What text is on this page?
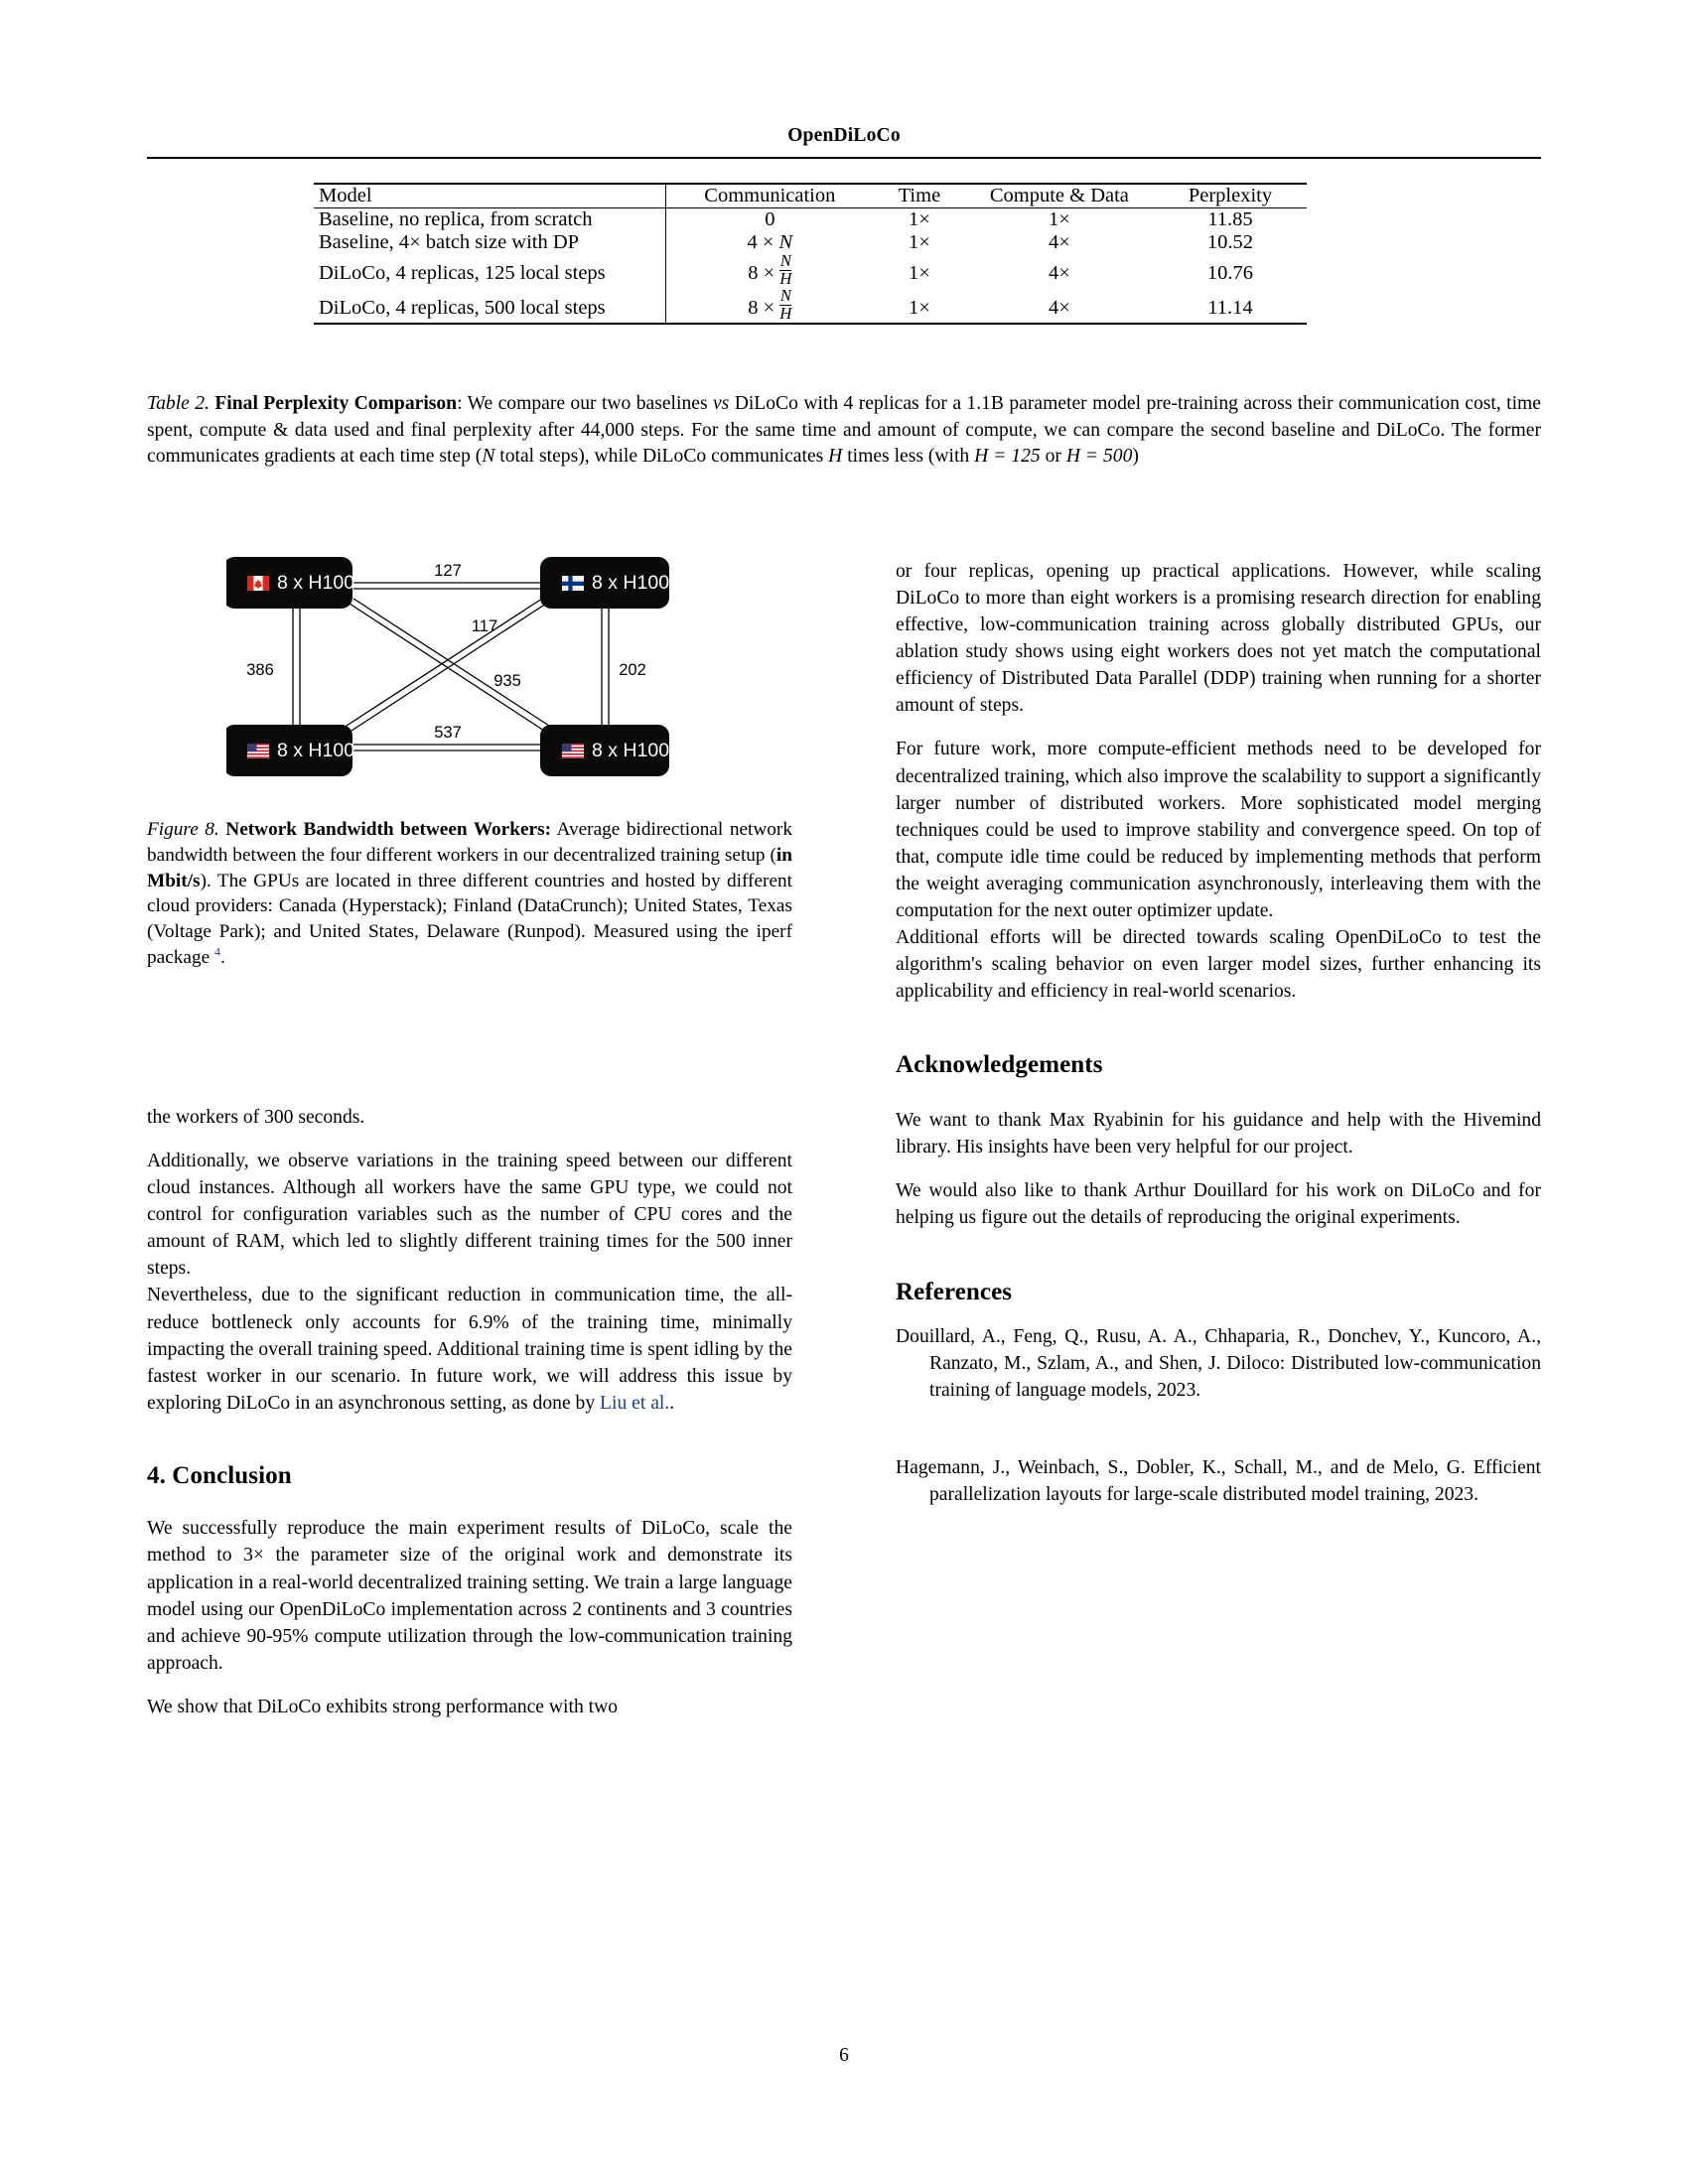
OpenDiLoCo

Model	Communication	Time	Compute & Data	Perplexity

Baseline, no replica, from scratch	0	1×	1×	11.85
Baseline, 4× batch size with DP	4 × N	1×	4×	10.52
DiLoCo, 4 replicas, 125 local steps	$8 \times \frac{N}{H}$	1×	4×	10.76
DiLoCo, 4 replicas, 500 local steps	$8 \times \frac{N}{H}$	1×	4×	11.14

Table 2. Final Perplexity Comparison: We compare our two baselines vs DiLoCo with 4 replicas for a 1.1B parameter model pre-training across their communication cost, time spent, compute & data used and final perplexity after 44,000 steps. For the same time and amount of compute, we can compare the second baseline and DiLoCo. The former communicates gradients at each time step (N total steps), while DiLoCo communicates H times less (with H = 125 or H = 500)
8 x H100	8 x H100
8 x H100	8 x H100
127
386
117
202
935
537
Figure 8. Network Bandwidth between Workers: Average bidirectional network bandwidth between the four different workers in our decentralized training setup (in Mbit/s). The GPUs are located in three different countries and hosted by different cloud providers: Canada (Hyperstack); Finland (DataCrunch); United States, Texas (Voltage Park); and United States, Delaware (Runpod). Measured using the iperf package $^4$.

the workers of 300 seconds.

Additionally, we observe variations in the training speed between our different cloud instances. Although all workers have the same GPU type, we could not control for configuration variables such as the number of CPU cores and the amount of RAM, which led to slightly different training times for the 500 inner steps.

Nevertheless, due to the significant reduction in communication time, the all-reduce bottleneck only accounts for 6.9% of the training time, minimally impacting the overall training speed. Additional training time is spent idling by the fastest worker in our scenario. In future work, we will address this issue by exploring DiLoCo in an asynchronous setting, as done by Liu et al..

4. Conclusion

We successfully reproduce the main experiment results of DiLoCo, scale the method to 3× the parameter size of the original work and demonstrate its application in a real-world decentralized training setting. We train a large language model using our OpenDiLoCo implementation across 2 continents and 3 countries and achieve 90-95% compute utilization through the low-communication training approach.

We show that DiLoCo exhibits strong performance with two

or four replicas, opening up practical applications. However, while scaling DiLoCo to more than eight workers is a promising research direction for enabling effective, low-communication training across globally distributed GPUs, our ablation study shows using eight workers does not yet match the computational efficiency of Distributed Data Parallel (DDP) training when running for a shorter amount of steps.

For future work, more compute-efficient methods need to be developed for decentralized training, which also improve the scalability to support a significantly larger number of distributed workers. More sophisticated model merging techniques could be used to improve stability and convergence speed. On top of that, compute idle time could be reduced by implementing methods that perform the weight averaging communication asynchronously, interleaving them with the computation for the next outer optimizer update.

Additional efforts will be directed towards scaling OpenDiLoCo to test the algorithm's scaling behavior on even larger model sizes, further enhancing its applicability and efficiency in real-world scenarios.

Acknowledgements

We want to thank Max Ryabinin for his guidance and help with the Hivemind library. His insights have been very helpful for our project.

We would also like to thank Arthur Douillard for his work on DiLoCo and for helping us figure out the details of reproducing the original experiments.

References

Douillard, A., Feng, Q., Rusu, A. A., Chhaparia, R., Donchev, Y., Kuncoro, A., Ranzato, M., Szlam, A., and Shen, J. Diloco: Distributed low-communication training of language models, 2023.

Hagemann, J., Weinbach, S., Dobler, K., Schall, M., and de Melo, G. Efficient parallelization layouts for large-scale distributed model training, 2023.

6
